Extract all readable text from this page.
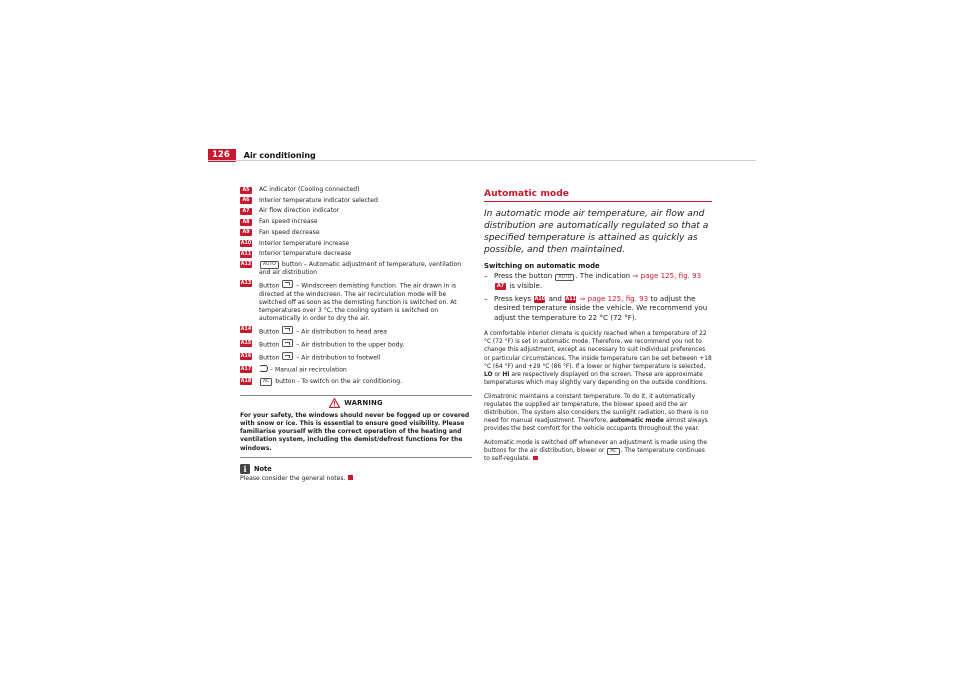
126	Air conditioning
A5	AC indicator (Cooling connected)
A6	Interior temperature indicator selected
A7	Air flow direction indicator
A8	Fan speed increase
A9	Fan speed decrease
A10 Interior temperature increase
A11 Interior temperature decrease
A12	AUTO button – Automatic adjustment of temperature, ventilation and air distribution
A13 Button	– Windscreen demisting function. The air drawn in is directed at the windscreen. The air recirculation mode will be switched off as soon as the demisting function is switched on. At temperatures over 3 °C, the cooling system is switched on automatically in order to dry the air.
A14 Button	– Air distribution to head area
A15 Button	– Air distribution to the upper body.
A16 Button	– Air distribution to footwell
A17	– Manual air recirculation
A18	AC button - To switch on the air conditioning.
WARNING
For your safety, the windows should never be fogged up or covered with snow or ice. This is essential to ensure good visibility. Please familiarise yourself with the correct operation of the heating and ventilation system, including the demist/defrost functions for the windows.
i	Note
Please consider the general notes.
Automatic mode
In automatic mode air temperature, air flow and distribution are automatically regulated so that a specified temperature is attained as quickly as possible, and then maintained.
Switching on automatic mode
– Press the button AUTO . The indication ⇒ page 125, fig. 93 A7 is visible.
– Press keys A10 and A11 ⇒ page 125, fig. 93 to adjust the desired temperature inside the vehicle. We recommend you adjust the temperature to 22 °C (72 °F).

A comfortable interior climate is quickly reached when a temperature of 22 °C (72 °F) is set in automatic mode. Therefore, we recommend you not to change this adjustment, except as necessary to suit individual preferences or particular circumstances. The inside temperature can be set between +18 °C (64 °F) and +29 °C (86 °F). If a lower or higher temperature is selected, LO or HI are respectively displayed on the screen. These are approximate temperatures which may slightly vary depending on the outside conditions.

Climatronic maintains a constant temperature. To do it, it automatically regulates the supplied air temperature, the blower speed and the air distribution. The system also considers the sunlight radiation, so there is no need for manual readjustment. Therefore, automatic mode almost always provides the best comfort for the vehicle occupants throughout the year.

Automatic mode is switched off whenever an adjustment is made using the buttons for the air distribution, blower or AC . The temperature continues to self-regulate.
